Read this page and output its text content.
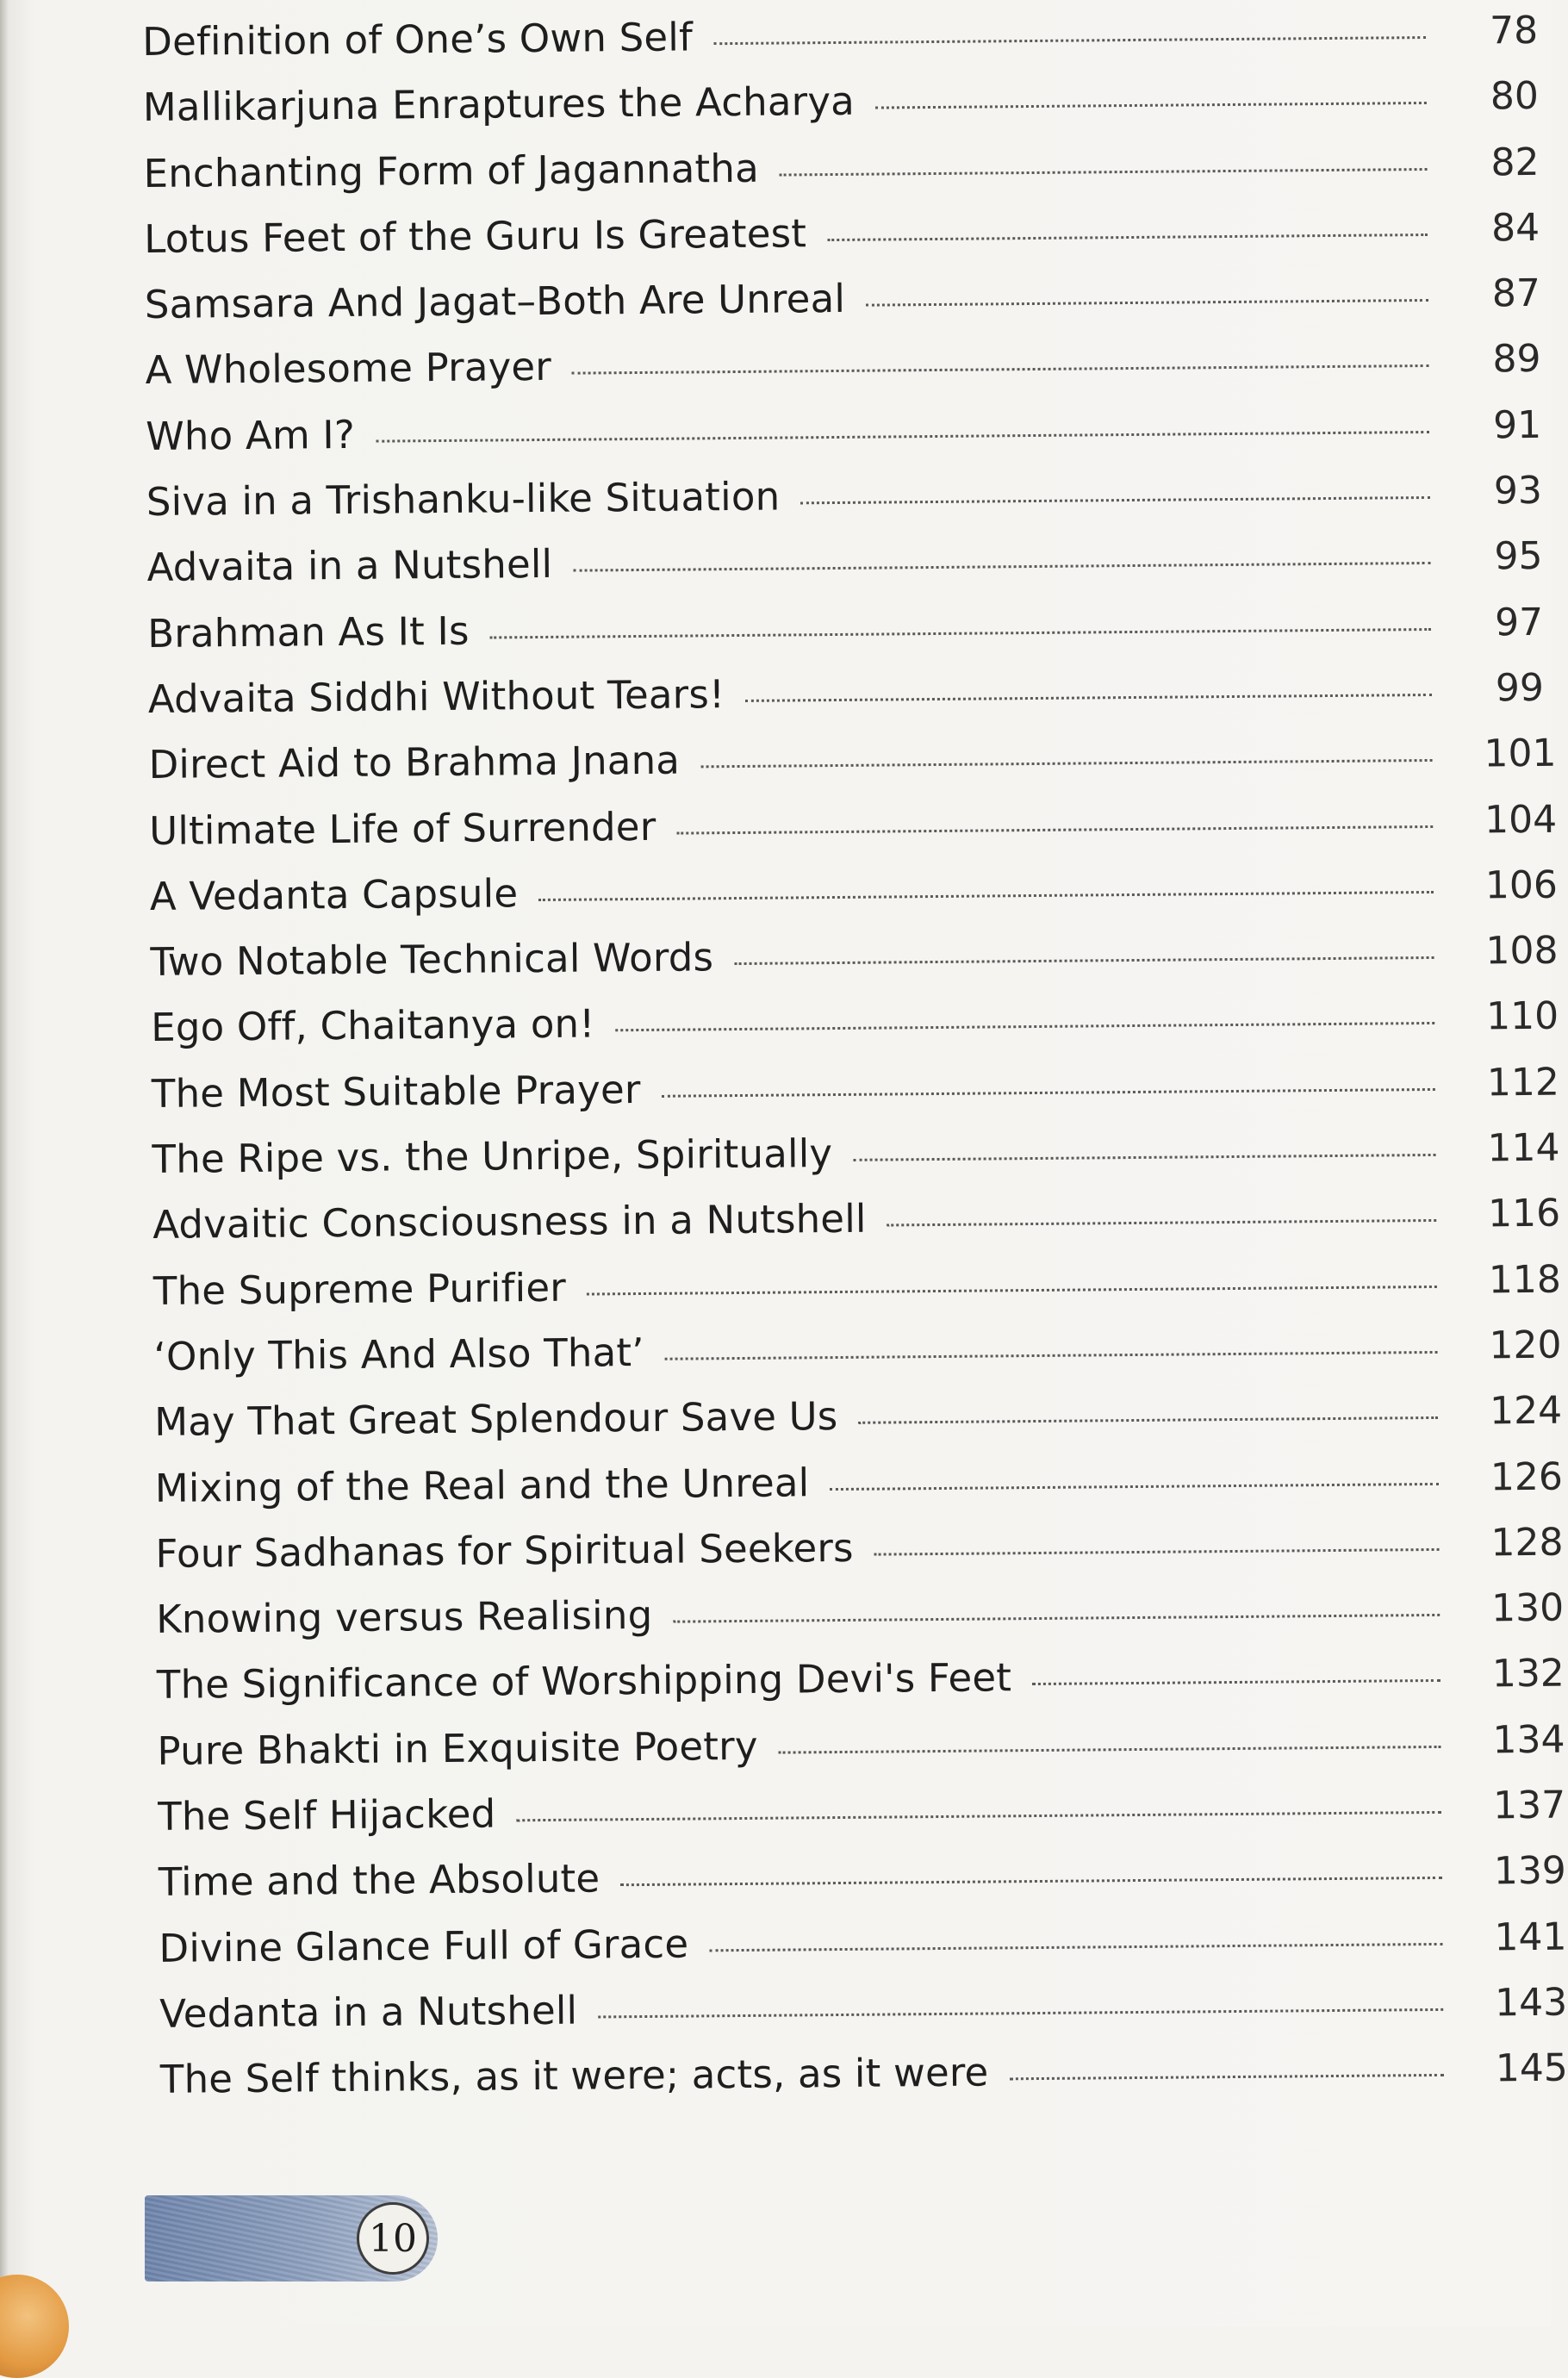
Definition of One’s Own Self	78
Mallikarjuna Enraptures the Acharya	80
Enchanting Form of Jagannatha	82
Lotus Feet of the Guru Is Greatest	84
Samsara And Jagat–Both Are Unreal	87
A Wholesome Prayer	89
Who Am I?	91
Siva in a Trishanku-like Situation	93
Advaita in a Nutshell	95
Brahman As It Is	97
Advaita Siddhi Without Tears!	99
Direct Aid to Brahma Jnana	101
Ultimate Life of Surrender	104
A Vedanta Capsule	106
Two Notable Technical Words	108
Ego Off, Chaitanya on!	110
The Most Suitable Prayer	112
The Ripe vs. the Unripe, Spiritually	114
Advaitic Consciousness in a Nutshell	116
The Supreme Purifier	118
‘Only This And Also That’	120
May That Great Splendour Save Us	124
Mixing of the Real and the Unreal	126
Four Sadhanas for Spiritual Seekers	128
Knowing versus Realising	130
The Significance of Worshipping Devi's Feet	132
Pure Bhakti in Exquisite Poetry	134
The Self Hijacked	137
Time and the Absolute	139
Divine Glance Full of Grace	141
Vedanta in a Nutshell	143
The Self thinks, as it were; acts, as it were	145
10
